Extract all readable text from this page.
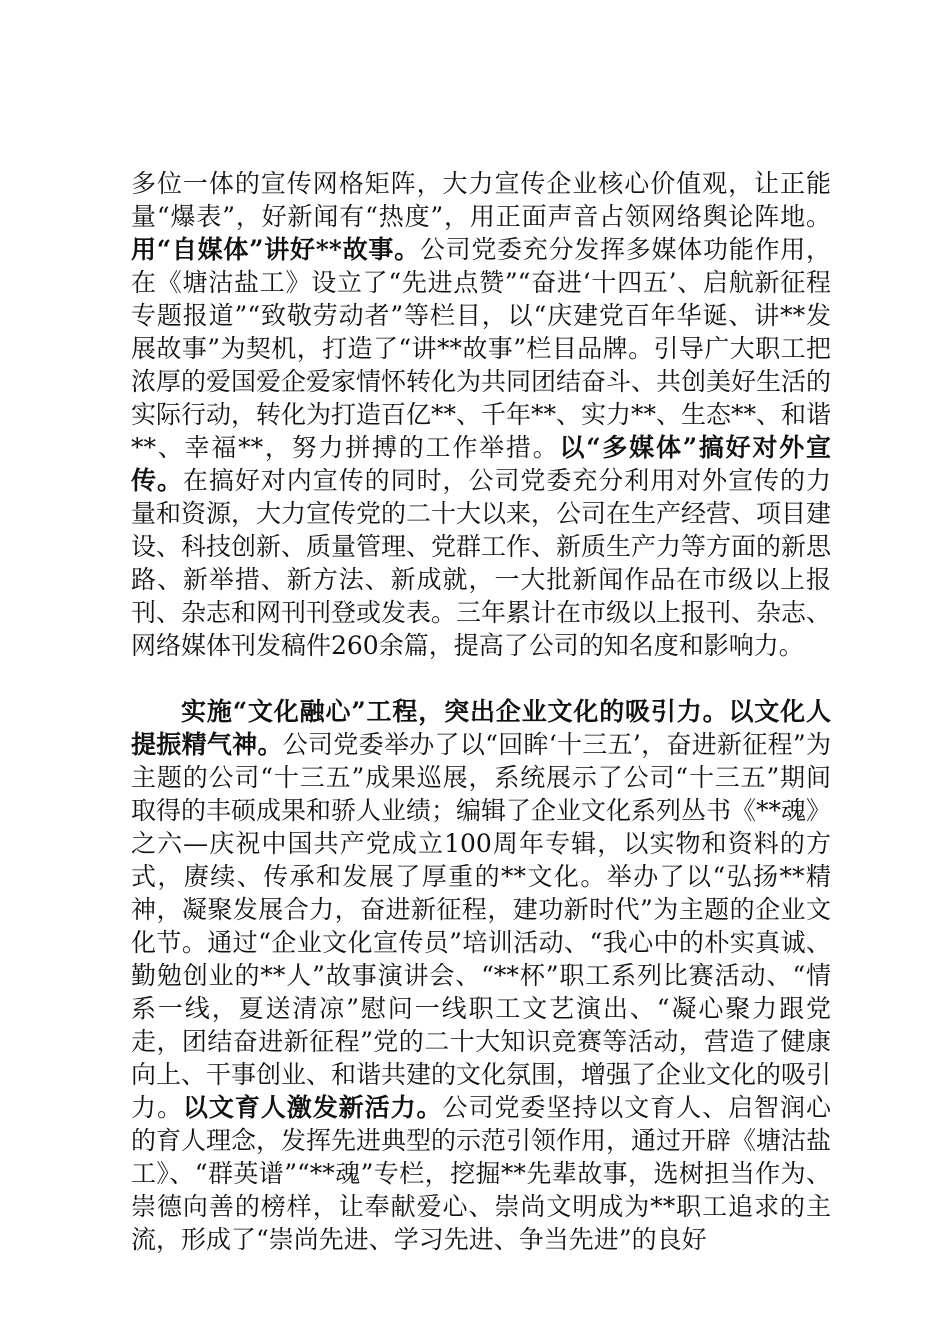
多位一体的宣传网格矩阵，大力宣传企业核心价值观，让正能量“爆表”，好新闻有“热度”，用正面声音占领网络舆论阵地。用“自媒体”讲好**故事。公司党委充分发挥多媒体功能作用，在《塘沽盐工》设立了“先进点赞”“奋进‘十四五’、启航新征程专题报道”“致敬劳动者”等栏目，以“庆建党百年华诞、讲**发展故事”为契机，打造了“讲**故事”栏目品牌。引导广大职工把浓厚的爱国爱企爱家情怀转化为共同团结奋斗、共创美好生活的实际行动，转化为打造百亿**、千年**、实力**、生态**、和谐**、幸福**，努力拼搏的工作举措。以“多媒体”搞好对外宣传。在搞好对内宣传的同时，公司党委充分利用对外宣传的力量和资源，大力宣传党的二十大以来，公司在生产经营、项目建设、科技创新、质量管理、党群工作、新质生产力等方面的新思路、新举措、新方法、新成就，一大批新闻作品在市级以上报刊、杂志和网刊刊登或发表。三年累计在市级以上报刊、杂志、网络媒体刊发稿件260余篇，提高了公司的知名度和影响力。

实施“文化融心”工程，突出企业文化的吸引力。以文化人提振精气神。公司党委举办了以“回眸‘十三五’，奋进新征程”为主题的公司“十三五”成果巡展，系统展示了公司“十三五”期间取得的丰硕成果和骄人业绩；编辑了企业文化系列丛书《**魂》之六—庆祝中国共产党成立100周年专辑，以实物和资料的方式，赓续、传承和发展了厚重的**文化。举办了以“弘扬**精神，凝聚发展合力，奋进新征程，建功新时代”为主题的企业文化节。通过“企业文化宣传员”培训活动、“我心中的朴实真诚、勤勉创业的**人”故事演讲会、“**杯”职工系列比赛活动、“情系一线，夏送清凉”慰问一线职工文艺演出、“凝心聚力跟党走，团结奋进新征程”党的二十大知识竞赛等活动，营造了健康向上、干事创业、和谐共建的文化氛围，增强了企业文化的吸引力。以文育人激发新活力。公司党委坚持以文育人、启智润心的育人理念，发挥先进典型的示范引领作用，通过开辟《塘沽盐工》、“群英谱”“**魂”专栏，挖掘**先辈故事，选树担当作为、崇德向善的榜样，让奉献爱心、崇尚文明成为**职工追求的主流，形成了“崇尚先进、学习先进、争当先进”的良好
